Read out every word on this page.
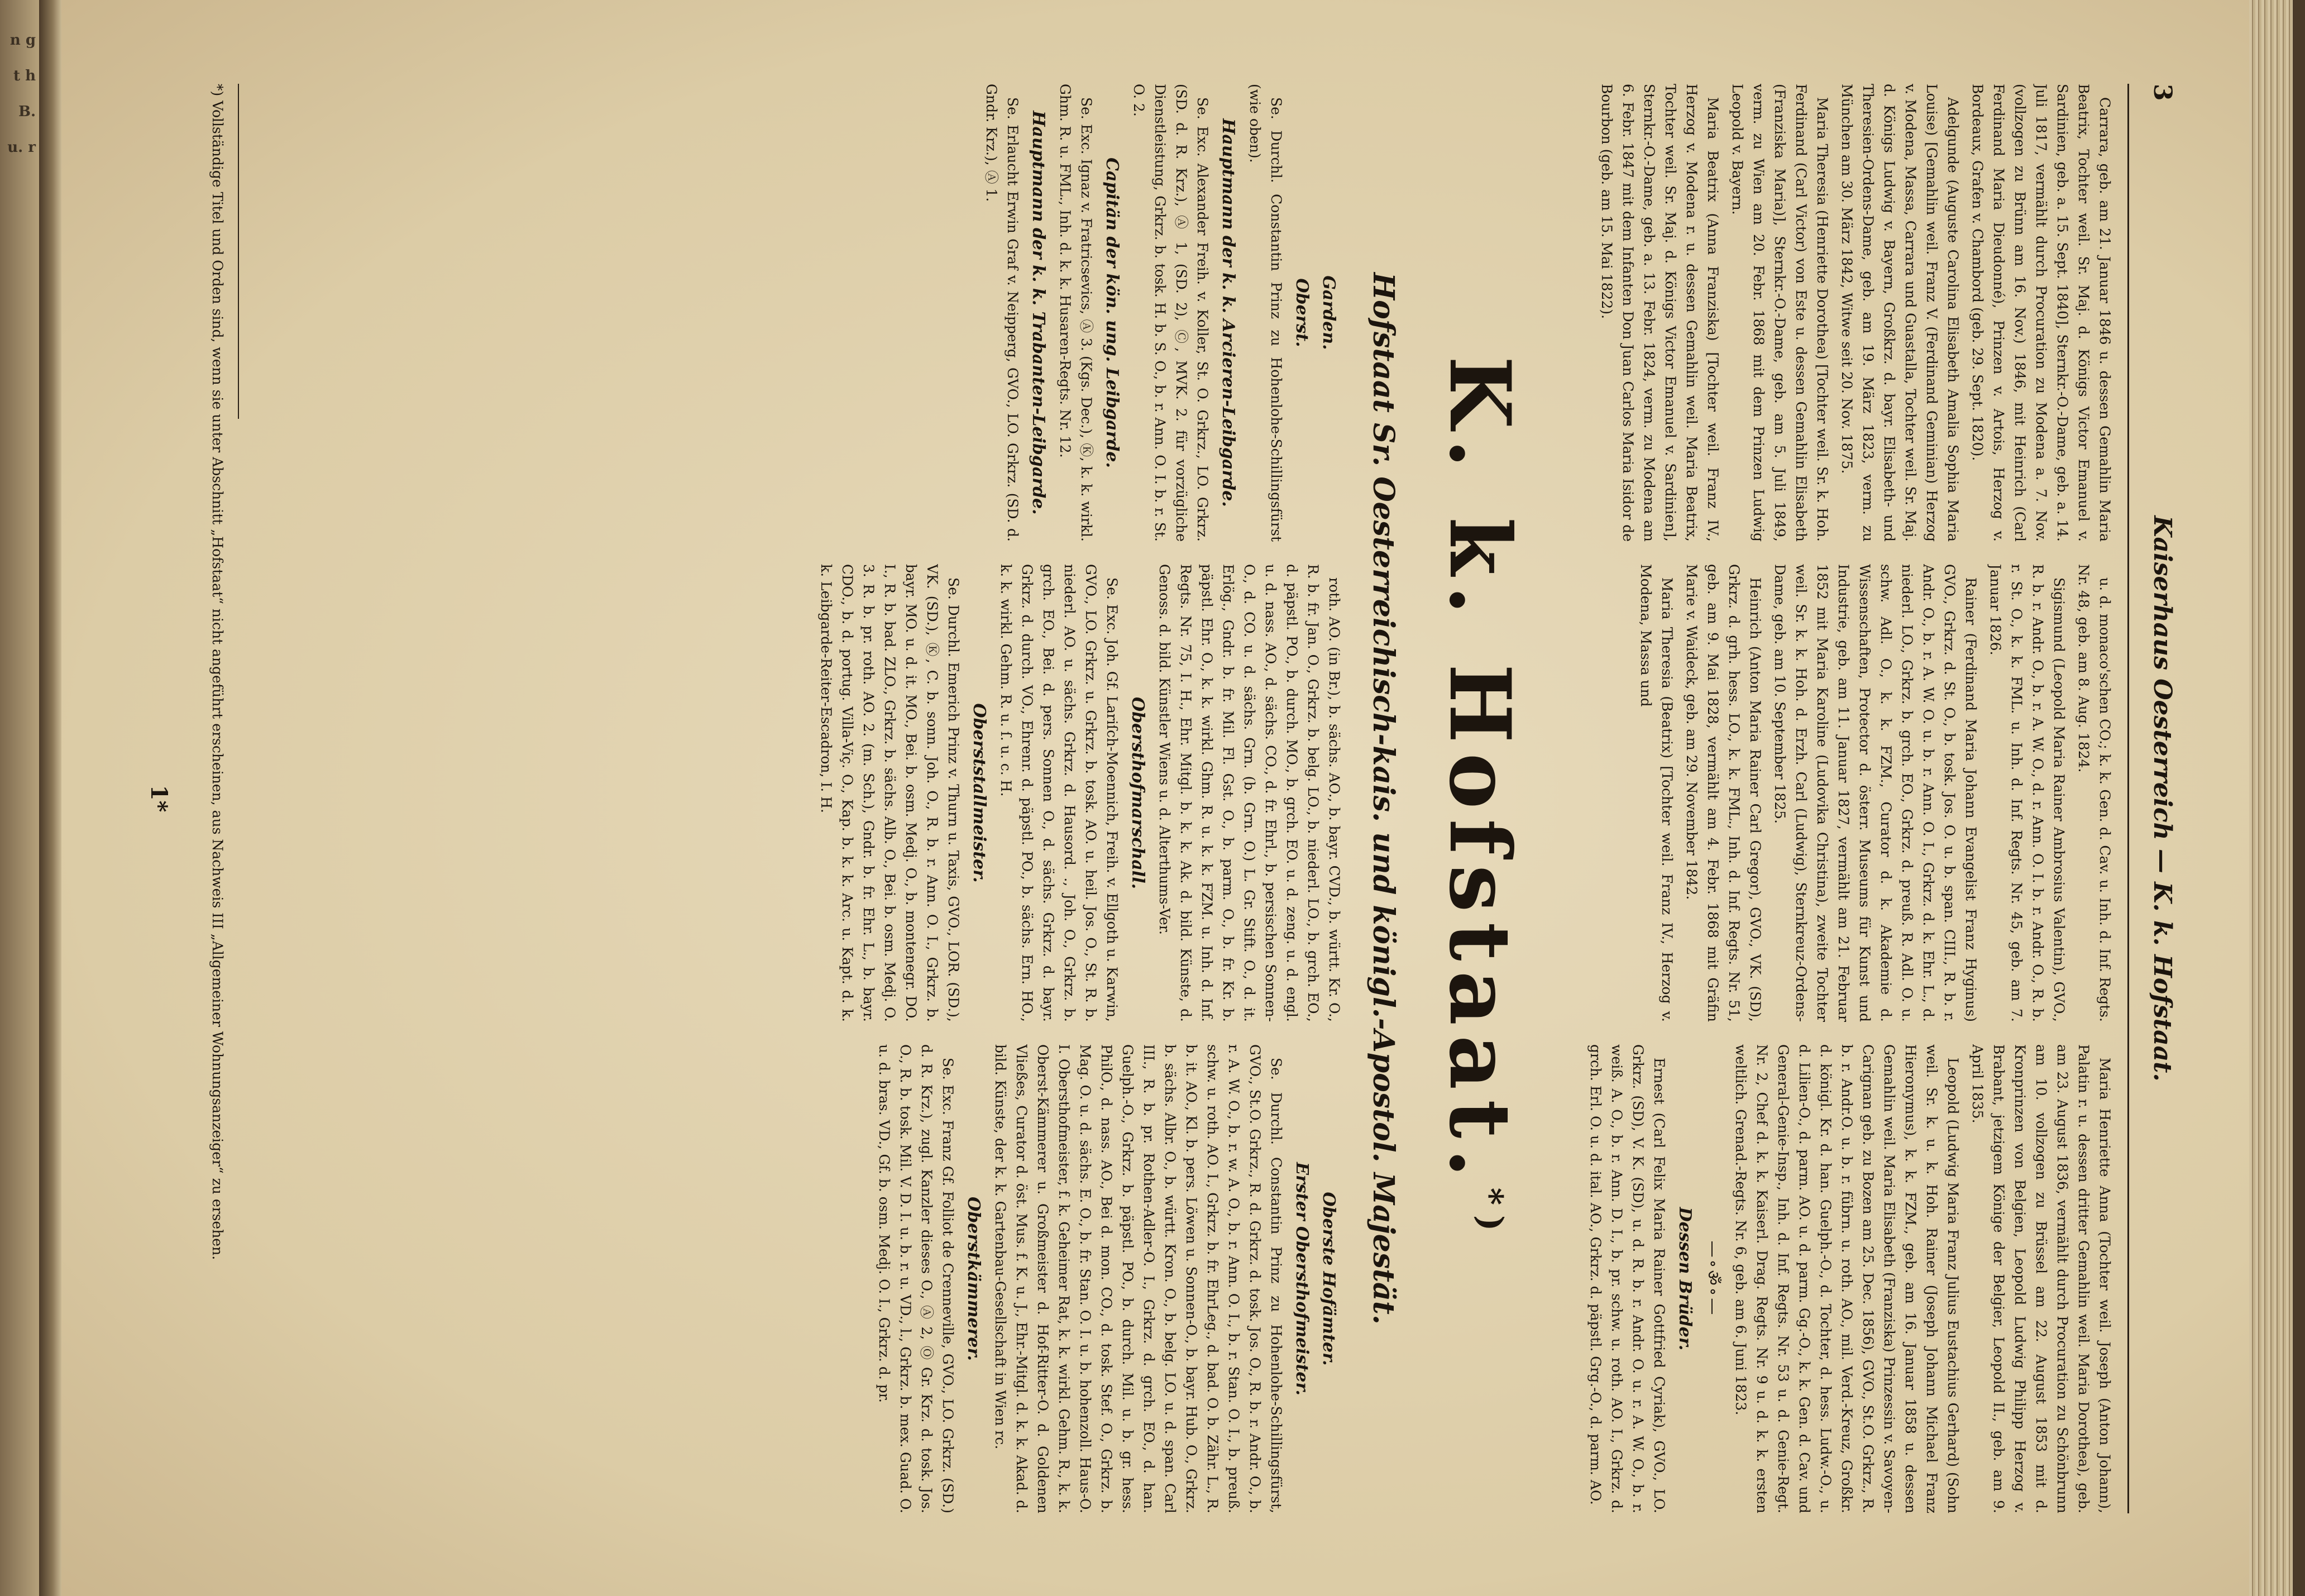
n g t h B. u. r
3
Kaiserhaus Oesterreich — K. k. Hofstaat.

Carrara, geb. am 21. Januar 1846 u. dessen Gemahlin Maria Beatrix, Tochter weil. Sr. Maj. d. Königs Victor Emanuel v. Sardinien, geb. a. 15. Sept. 1840], Sternkr.-O.-Dame, geb. a. 14. Juli 1817, vermählt durch Procuration zu Modena a. 7. Nov. (vollzogen zu Brünn am 16. Nov.) 1846, mit Heinrich (Carl Ferdinand Maria Dieudonné), Prinzen v. Artois, Herzog v. Bordeaux, Grafen v. Chambord (geb. 29. Sept. 1820).

Adelgunde (Auguste Carolina Elisabeth Amalia Sophia Maria Louise) [Gemahlin weil. Franz V. (Ferdinand Geminian) Herzog v. Modena, Massa, Carrara und Guastalla, Tochter weil. Sr. Maj. d. Königs Ludwig v. Bayern, Großkrz. d. bayr. Elisabeth- und Theresien-Ordens-Dame, geb. am 19. März 1823, verm. zu München am 30. März 1842, Witwe seit 20. Nov. 1875.

Maria Theresia (Henriette Dorothea) [Tochter weil. Sr. k. Hoh. Ferdinand (Carl Victor) von Este u. dessen Gemahlin Elisabeth (Franziska Maria)], Sternkr.-O.-Dame, geb. am 5. Juli 1849, verm. zu Wien am 20. Febr. 1868 mit dem Prinzen Ludwig Leopold v. Bayern.

Maria Beatrix (Anna Franziska) [Tochter weil. Franz IV., Herzog v. Modena r. u. dessen Gemahlin weil. Maria Beatrix, Tochter weil. Sr. Maj. d. Königs Victor Emanuel v. Sardinien], Sternkr.-O.-Dame, geb. a. 13. Febr. 1824, verm. zu Modena am 6. Febr. 1847 mit dem Infanten Don Juan Carlos Maria Isidor de Bourbon (geb. am 15. Mai 1822).

u. d. monaco'schen CO.; k. k. Gen. d. Cav. u. Inh. d. Inf. Regts. Nr. 48, geb. am 8. Aug. 1824.

Sigismund (Leopold Maria Rainer Ambrosius Valentin), GVO., R. b. r. Andr. O., b. r. A. W. O., d. r. Ann. O. I. b. r. Andr. O., R. b. r. St. O., k. k. FML. u. Inh. d. Inf. Regts. Nr. 45, geb. am 7. Januar 1826.

Rainer (Ferdinand Maria Johann Evangelist Franz Hyginus) GVO., Grkrz. d. St. O., b. tosk. Jos. O. u. b. span. CIII., R. b. r. Andr. O., b. r. A. W. O. u. b. r. Ann. O. I., Grkrz. d. k. Ehr. L., d. niederl. LO., Grkrz. b. grch. EO., Grkrz. d. preuß. R. Adl. O. u. schw. Adl. O., k. k. FZM., Curator d. k. Akademie d. Wissenschaften, Protector d. österr. Museums für Kunst und Industrie, geb. am 11. Januar 1827, vermählt am 21. Februar 1852 mit Maria Karoline (Ludovika Christina), zweite Tochter weil. Sr. k. k. Hoh. d. Erzh. Carl (Ludwig), Sternkreuz-Ordens-Dame, geb. am 10. September 1825.

Heinrich (Anton Maria Rainer Carl Gregor), GVO., VK. (SD), Grkrz. d. grh. hess. LO., k. k. FML., Inh. d. Inf. Regts. Nr. 51, geb. am 9. Mai 1828, vermählt am 4. Febr. 1868 mit Gräfin Marie v. Waideck, geb. am 29. November 1842.

Maria Theresia (Beatrix) [Tochter weil. Franz IV., Herzog v. Modena, Massa und

Maria Henriette Anna (Tochter weil. Joseph (Anton Johann), Palatin r. u. dessen dritter Gemahlin weil. Maria Dorothea), geb. am 23. August 1836, vermählt durch Procuration zu Schönbrunn am 10. vollzogen zu Brüssel am 22. August 1853 mit d. Kronprinzen von Belgien, Leopold Ludwig Philipp Herzog v. Brabant, jetzigem Könige der Belgier, Leopold II., geb. am 9. April 1835.

Leopold (Ludwig Maria Franz Julius Eustachius Gerhard) (Sohn weil. Sr. k. u. k. Hoh. Rainer (Joseph Johann Michael Franz Hieronymus), k. k. FZM., geb. am 16. Januar 1858 u. dessen Gemahlin weil. Maria Elisabeth (Franziska) Prinzessin v. Savoyen-Carignan geb. zu Bozen am 25. Dec. 1856), GVO., St.O. Grkrz., R. b. r. Andr.O. u. b. r. fübrn. u. roth. AO., mil. Verd.-Kreuz, Großkr. d. königl. Kr. d. han. Guelph.-O., d. Tochter, d. hess. Ludw.-O., u. d. Lilien-O., d. parm. AO. u. d. parm. Gg.-O., k. k. Gen. d. Cav. und General-Genie-Insp., Inh. d. Inf. Regts. Nr. 53 u. d. Genie-Regt. Nr. 2, Chef d. k. k. Kaiserl. Drag. Regts. Nr. 9 u. d. k. k. ersten weltlich. Grenad.-Regts. Nr. 6, geb. am 6. Juni 1823.

—∘ॐ∘—
Dessen Brüder.

Ernest (Carl Felix Maria Rainer Gottfried Cyriak), GVO., LO. Grkrz. (SD), V. K. (SD), u. d. R. b. r. Andr. O. u. r. A. W. O., b. r. weiß. A. O., b. r. Ann. D. I., b. pr. schw. u. roth. AO. I., Grkrz. d. grch. Erl. O. u. d. ital. AO., Grkrz. d. päpstl. Grg.-O., d. parm. AO.

K. k. Hofstaat.*)
Hofstaat Sr. Oesterreichisch-kais. und königl.-Apostol. Majestät.
Garden.
Oberst.

Se. Durchl. Constantin Prinz zu Hohenlohe-Schillingsfürst (wie oben).

Hauptmann der k. k. Arcieren-Leibgarde.

Se. Exc. Alexander Freih. v. Koller, St. O. Grkrz., LO. Grkrz. (SD. d. R. Krz.), Ⓐ 1, (SD. 2), Ⓒ, MVK. 2. für vorzügliche Dienstleistung, Grkrz. b. tosk. H. b. S. O., b. r. Ann. O. I. b. r. St. O. 2.

Capitän der kön. ung. Leibgarde.

Se. Exc. Ignaz v. Fratricsevics, Ⓐ 3. (Kgs. Dec.), Ⓚ, k. k. wirkl. Ghm. R. u. FML., Inh. d. k. k. Husaren-Regts. Nr. 12.

Hauptmann der k. k. Trabanten-Leibgarde.

Se. Erlaucht Erwin Graf v. Neipperg, GVO., LO. Grkrz. (SD. d. Gndr. Krz.), Ⓐ 1.

roth. AO. (in Br.), b. sächs. AO., b. bayr. CVD., b. württ. Kr. O., R. b. fr. Jan. O., Grkrz. b. belg. LO., b. niederl. LO., b. grch. EO., d. päpstl. PO., b. durch. MO., b. grch. EO. u. d. zeng. u. d. engl. u. d. nass. AO., d. sächs. CO., d. fr. Ehrl., b. persischen Sonnen-O., d. CO. u. d. sächs. Grn. (b. Grn. O.) L. Gr. Stift. O., d. it. Erlög., Gndr. b. fr. Mil. Fl. Gst. O., b. parm. O., b. fr. Kr. b. päpstl. Ehr. O., k. k. wirkl. Ghm. R. u. k. k. FZM. u. Inh. d. Inf. Regts. Nr. 75, I. H., Ehr. Mitgl. b. k. k. Ak. d. bild. Künste, d. Genoss. d. bild. Künstler Wiens u. d. Alterthums-Ver.

Obersthofmarschall.

Se. Exc. Joh. Gf. Lariſch-Moennich, Freih. v. Ellgoth u. Karwin, GVO., LO. Grkrz. u. Grkrz. b. tosk. AO. u. heil. Jos. O., St. R. b. niederl. AO. u. sächs. Grkrz. d. Hausord. ., Joh. O., Grkrz. b. grch. EO., Bei. d. pers. Sonnen O., d. sächs. Grkrz. d. bayr. Grkrz. d. durch. VO., Ehrenr. d. päpstl. PO., b. sächs. Ern. HO., k. k. wirkl. Gehm. R. u. ſ. u. c. H.

Oberststallmeister.

Se. Durchl. Emerich Prinz v. Thurn u. Taxis, GVO., LOR. (SD.), VK. (SD.), Ⓚ, C. b. sonn. Joh. O., R. b. r. Ann. O. I., Grkrz. b. bayr. MO. u. d. it. MO., Bei. b. osm. Medj. O., b. montenegr. DO. I., R. b. bad. ZLO., Grkrz. b. sächs. Alb. O., Bei. b. osm. Medj. O. 3. R. b. pr. roth. AO. 2. (m. Sch.), Gndr. b. fr. Ehr. L., b. bayr. CDO., b. d. portug. Villa-Viç. O., Kap. b. k. k. Arc. u. Kapt. d. k. k. Leibgarde-Reiter-Escadron, I. H.

Oberste Hofämter.
Erster Obersthofmeister.

Se. Durchl. Constantin Prinz zu Hohenlohe-Schillingsfürst, GVO., St.O. Grkrz., R. d. Grkrz. d. tosk. Jos. O., R. b. r. Andr. O., b. r. A. W. O., b. r. w. A. O., b. r. Ann. O. I., b. r. Stan. O. I., b. preuß. schw. u. roth. AO. I., Grkrz. b. fr. EhrLeg., d. bad. O. b. Zähr. L., R. b. it. AO., Kl. b. pers. Löwen u. Sonnen-O., b. bayr. Hub. O., Grkrz. b. sächs. Albr. O., b. württ. Kron. O., b. belg. LO. u. d. span. Carl III., R. b. pr. Rothen-Adler-O. I., Grkrz. d. grch. EO., d. han. Guelph.-O., Grkrz. b. päpstl. PO., b. durch. Mil. u. b. gr. hess. PhilO., d. nass. AO., Bei d. mon. CO., d. tosk. Stef. O., Grkrz. b. Mag. O. u. d. sächs. E. O., b. fr. Stan. O. I. u. b. hohenzoll. Haus-O. I. Obersthofmeister, f. k. Geheimer Rat, k. k. wirkl. Gehm. R., k. k. Oberst-Kämmerer u. Großmeister d. Hof-Ritter-O. d. Goldenen Vließes, Curator d. öst. Mus. f. K. u. J., Ehr.-Mitgl. d. k. k. Akad. d. bild. Künste, der k. k. Gartenbau-Gesellschaft in Wien rc.

Oberstkämmerer.

Se. Exc. Franz Gf. Folliot de Crenneville, GVO., LO. Grkrz. (SD.) d. R. Krz.), zugl. Kanzler dieses O., Ⓐ 2, Ⓞ Gr. Krz. d. tosk. Jos. O., R. b. tosk. Mil. V. D. I. u. b. r. u. VD., l., Grkrz. b. mex. Guad. O. u. d. bras. VD., Gf. b. osm. Medj. O. I., Grkrz. d. pr.

*) Vollständige Titel und Orden sind, wenn sie unter Abschnitt „Hofstaat“ nicht angeführt erscheinen, aus Nachweis III „Allgemeiner Wohnungsanzeiger“ zu ersehen.
1*
